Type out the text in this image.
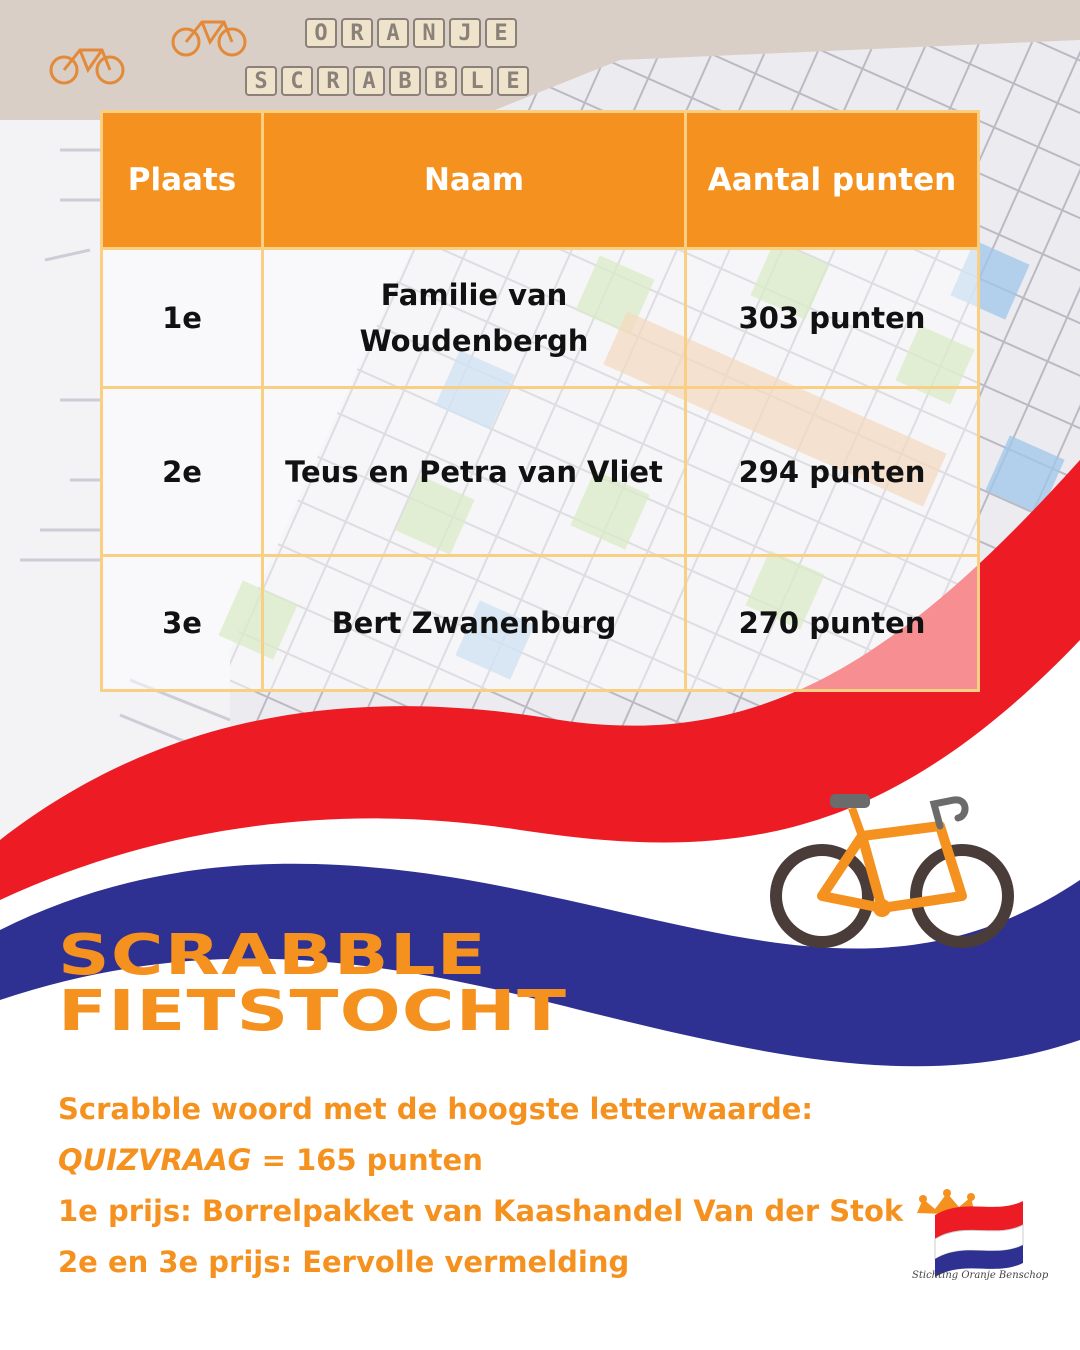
O	R	A	N	J	E
S	C	R	A	B	B	L	E
Plaats	Naam	Aantal punten
1e	Familie van Woudenbergh	303 punten
2e	Teus en Petra van Vliet	294 punten
3e	Bert Zwanenburg	270 punten
SCRABBLE
FIETSTOCHT
Scrabble woord met de hoogste letterwaarde:
QUIZVRAAG = 165 punten
1e prijs: Borrelpakket van Kaashandel Van der Stok
2e en 3e prijs: Eervolle vermelding	Stichting Oranje Benschop
